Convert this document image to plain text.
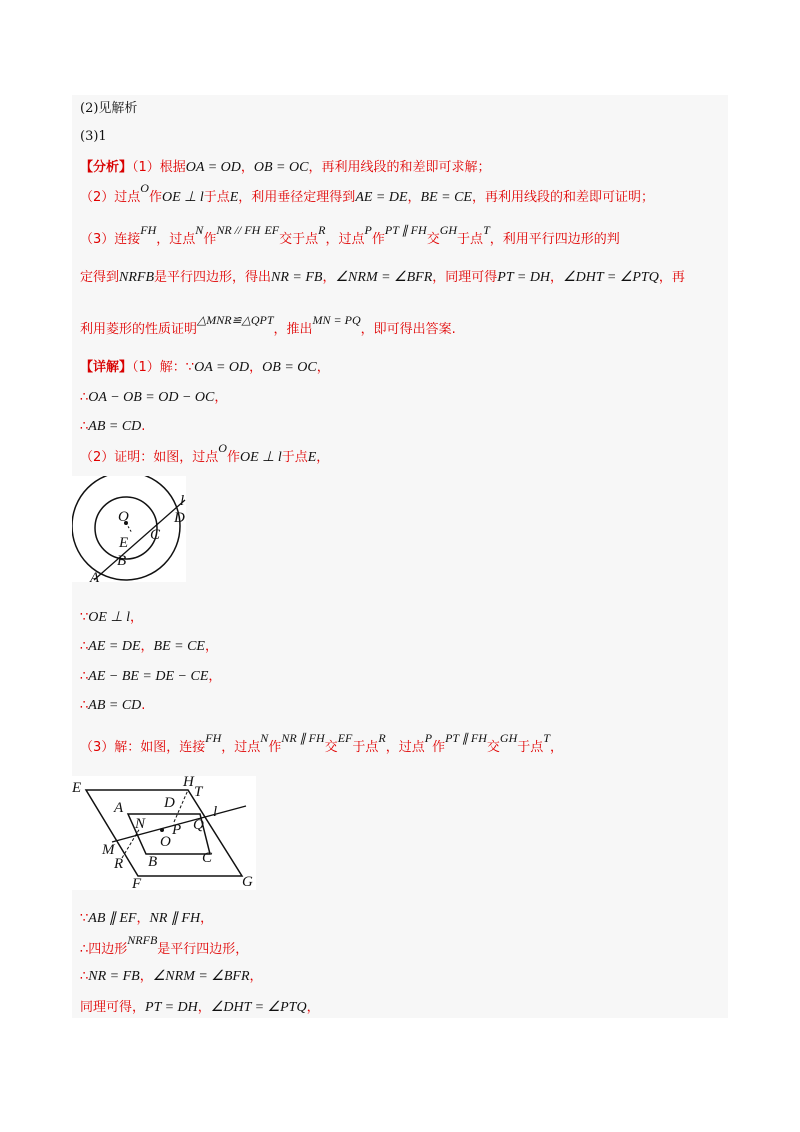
(2)见解析
(3)1
【分析】（1）根据OA = OD，OB = OC，再利用线段的和差即可求解；
（2）过点O作OE ⊥ l于点E，利用垂径定理得到AE = DE，BE = CE，再利用线段的和差即可证明；
（3）连接FH，过点N作NR // FH EF交于点R，过点P作PT ∥ FH交GH于点T，利用平行四边形的判
定得到NRFB是平行四边形，得出NR = FB，∠NRM = ∠BFR，同理可得PT = DH，∠DHT = ∠PTQ，再
利用菱形的性质证明△MNR≌△QPT，推出MN = PQ，即可得出答案.
【详解】（1）解：∵OA = OD，OB = OC，
∴OA − OB = OD − OC，
∴AB = CD.
（2）证明：如图，过点O作OE ⊥ l于点E，
O
E C
D
B
A
l
∵OE ⊥ l，
∴AE = DE，BE = CE，
∴AE − BE = DE − CE，
∴AB = CD.
（3）解：如图，连接FH，过点N作NR ∥ FH交EF于点R，过点P作PT ∥ FH交GH于点T，
E	H
T
A	D
l
N P Q
M	O
R B	C
F	G
∵AB ∥ EF，NR ∥ FH，
∴四边形NRFB是平行四边形，
∴NR = FB，∠NRM = ∠BFR，
同理可得，PT = DH，∠DHT = ∠PTQ，
